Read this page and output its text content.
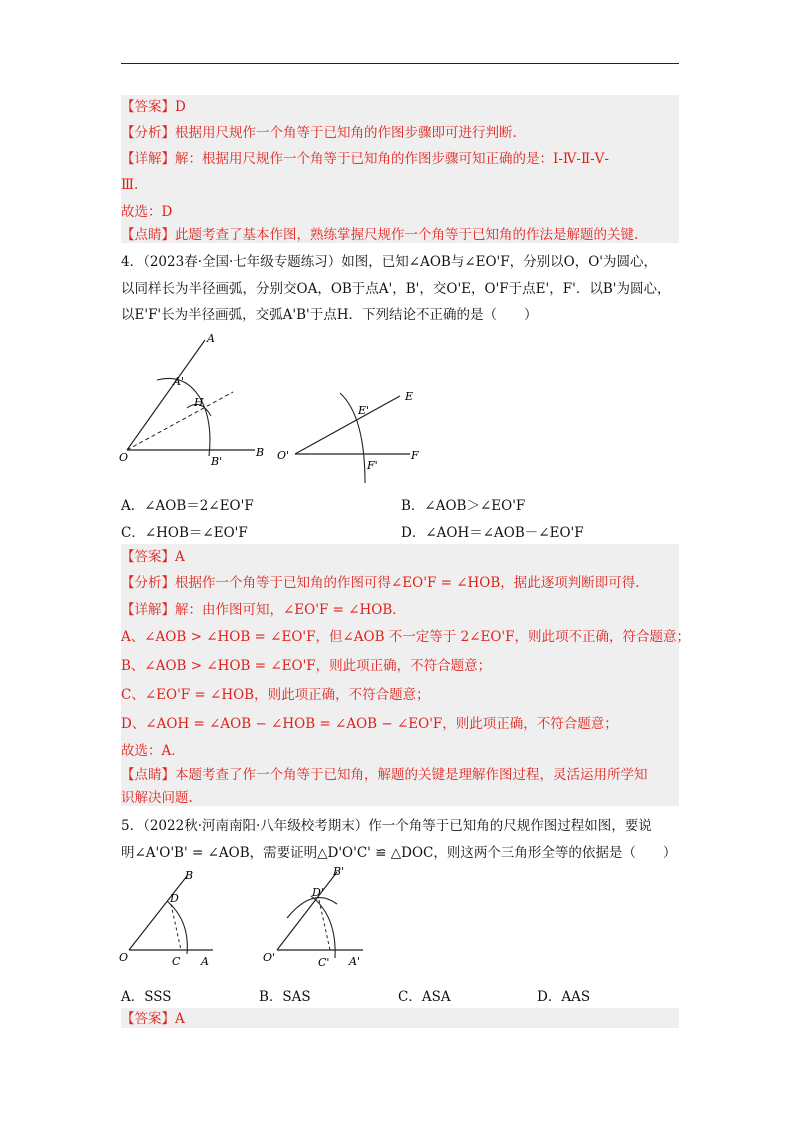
【答案】D
【分析】根据用尺规作一个角等于已知角的作图步骤即可进行判断.
【详解】解：根据用尺规作一个角等于已知角的作图步骤可知正确的是：Ⅰ-Ⅳ-Ⅱ-Ⅴ-
Ⅲ.
故选：D
【点睛】此题考查了基本作图，熟练掌握尺规作一个角等于已知角的作法是解题的关键.
4．（2023春·全国·七年级专题练习）如图，已知∠AOB与∠EO'F，分别以O，O'为圆心，
以同样长为半径画弧，分别交OA，OB于点A'，B'，交O'E，O'F于点E'，F'．以B'为圆心，
以E'F'长为半径画弧，交弧A'B'于点H．下列结论不正确的是（　　）
A
A'
H
O	B'
B
E
E'
O'
F'
F
A．∠AOB＝2∠EO'F	B．∠AOB＞∠EO'F
C．∠HOB＝∠EO'F	D．∠AOH＝∠AOB－∠EO'F
【答案】A
【分析】根据作一个角等于已知角的作图可得∠EO'F = ∠HOB，据此逐项判断即可得.
【详解】解：由作图可知，∠EO'F = ∠HOB．
A、∠AOB > ∠HOB = ∠EO'F，但∠AOB 不一定等于 2∠EO'F，则此项不正确，符合题意；
B、∠AOB > ∠HOB = ∠EO'F，则此项正确，不符合题意；
C、∠EO'F = ∠HOB，则此项正确，不符合题意；
D、∠AOH = ∠AOB − ∠HOB = ∠AOB − ∠EO'F，则此项正确，不符合题意；
故选：A．
【点睛】本题考查了作一个角等于已知角，解题的关键是理解作图过程，灵活运用所学知
识解决问题.
5．（2022秋·河南南阳·八年级校考期末）作一个角等于已知角的尺规作图过程如图，要说
明∠A'O'B' = ∠AOB，需要证明△D'O'C' ≌ △DOC，则这两个三角形全等的依据是（　　）
B
D
O	C A
B'
D'
O'	C' A'
A．SSS	B．SAS	C．ASA	D．AAS
【答案】A
